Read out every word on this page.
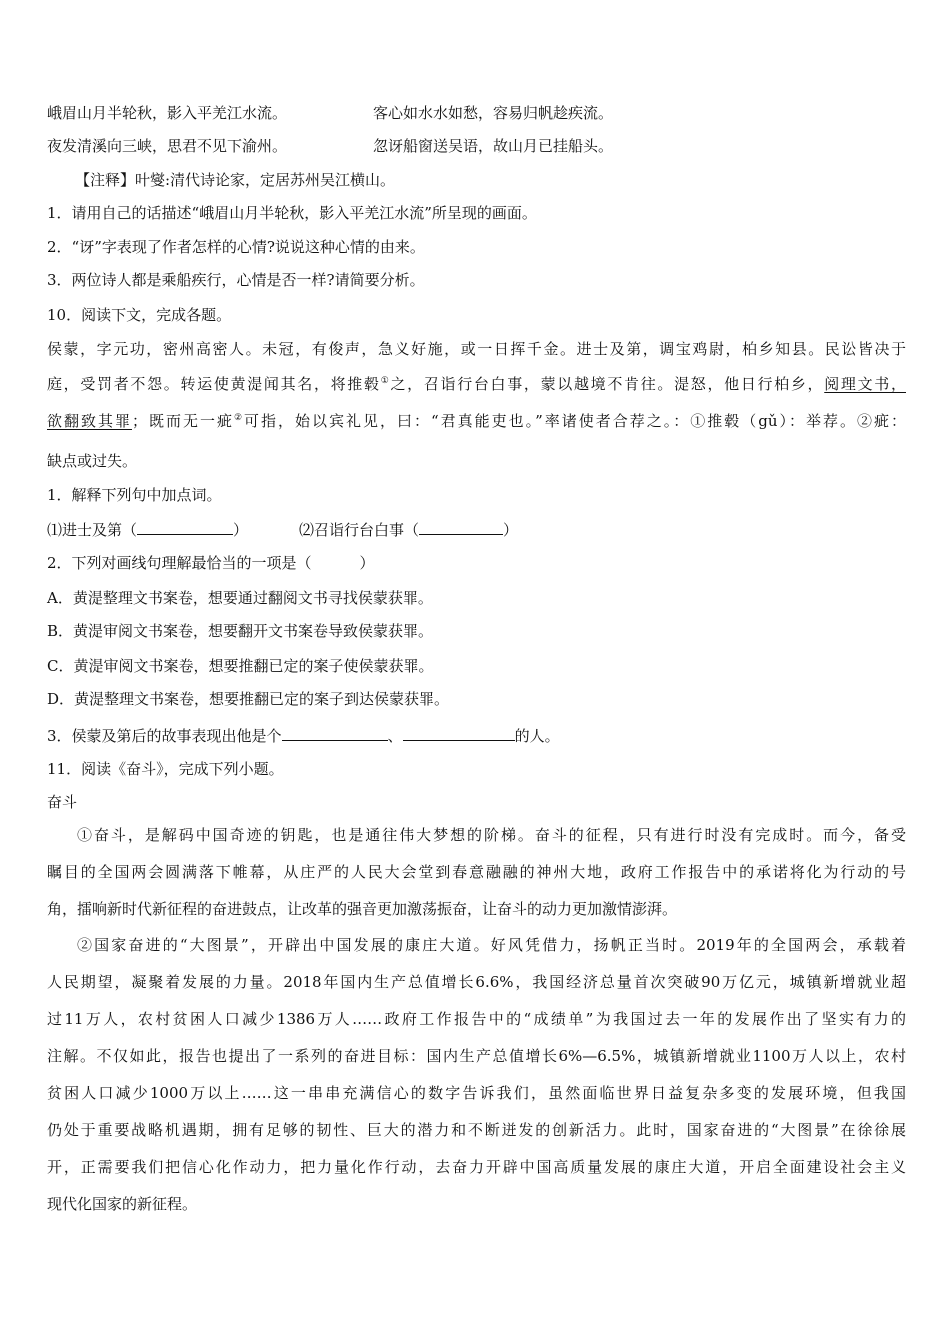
峨眉山月半轮秋，影入平羌江水流。	客心如水水如愁，容易归帆趁疾流。
夜发清溪向三峡，思君不见下渝州。	忽讶船窗送吴语，故山月已挂船头。
【注释】叶燮:清代诗论家，定居苏州吴江横山。
1．请用自己的话描述“峨眉山月半轮秋，影入平羌江水流”所呈现的画面。
2．“讶”字表现了作者怎样的心情?说说这种心情的由来。
3．两位诗人都是乘船疾行，心情是否一样?请简要分析。
10．阅读下文，完成各题。
侯蒙，字元功，密州高密人。未冠，有俊声，急义好施，或一日挥千金。进士及第，调宝鸡尉，柏乡知县。民讼皆决于
庭，受罚者不怨。转运使黄湜闻其名，将推毂①之，召诣行台白事，蒙以越境不肯往。湜怒，他日行柏乡，阅理文书，
欲翻致其罪；既而无一疵②可指，始以宾礼见，曰：“君真能吏也。”率诸使者合荐之。：①推毂（gǔ）：举荐。②疵：
缺点或过失。
1．解释下列句中加点词。
⑴进士及第（	）	⑵召诣行台白事（	）
2．下列对画线句理解最恰当的一项是（	）
A．黄湜整理文书案卷，想要通过翻阅文书寻找侯蒙获罪。
B．黄湜审阅文书案卷，想要翻开文书案卷导致侯蒙获罪。
C．黄湜审阅文书案卷，想要推翻已定的案子使侯蒙获罪。
D．黄湜整理文书案卷，想要推翻已定的案子到达侯蒙获罪。
3．侯蒙及第后的故事表现出他是个	、	的人。
11．阅读《奋斗》，完成下列小题。
奋斗
①奋斗，是解码中国奇迹的钥匙，也是通往伟大梦想的阶梯。奋斗的征程，只有进行时没有完成时。而今，备受
瞩目的全国两会圆满落下帷幕，从庄严的人民大会堂到春意融融的神州大地，政府工作报告中的承诺将化为行动的号
角，擂响新时代新征程的奋进鼓点，让改革的强音更加激荡振奋，让奋斗的动力更加激情澎湃。
②国家奋进的“大图景”，开辟出中国发展的康庄大道。好风凭借力，扬帆正当时。2019年的全国两会，承载着
人民期望，凝聚着发展的力量。2018年国内生产总值增长6.6%，我国经济总量首次突破90万亿元，城镇新增就业超
过11万人，农村贫困人口减少1386万人……政府工作报告中的“成绩单”为我国过去一年的发展作出了坚实有力的
注解。不仅如此，报告也提出了一系列的奋进目标：国内生产总值增长6%—6.5%，城镇新增就业1100万人以上，农村
贫困人口减少1000万以上……这一串串充满信心的数字告诉我们，虽然面临世界日益复杂多变的发展环境，但我国
仍处于重要战略机遇期，拥有足够的韧性、巨大的潜力和不断迸发的创新活力。此时，国家奋进的“大图景”在徐徐展
开，正需要我们把信心化作动力，把力量化作行动，去奋力开辟中国高质量发展的康庄大道，开启全面建设社会主义
现代化国家的新征程。
